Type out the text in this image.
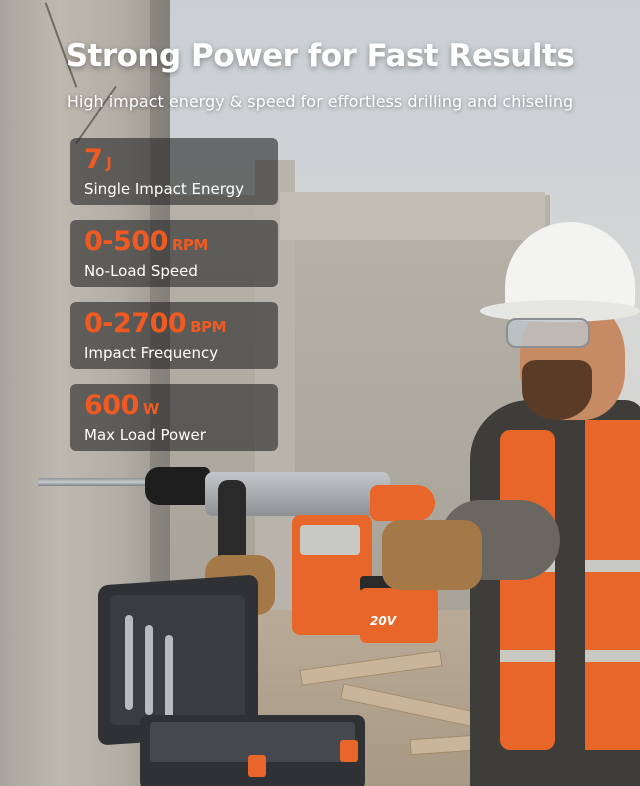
20V
Strong Power for Fast Results

High impact energy & speed for effortless drilling and chiseling

7 J
Single Impact Energy
0-500 RPM
No-Load Speed
0-2700 BPM
Impact Frequency
600 W
Max Load Power
